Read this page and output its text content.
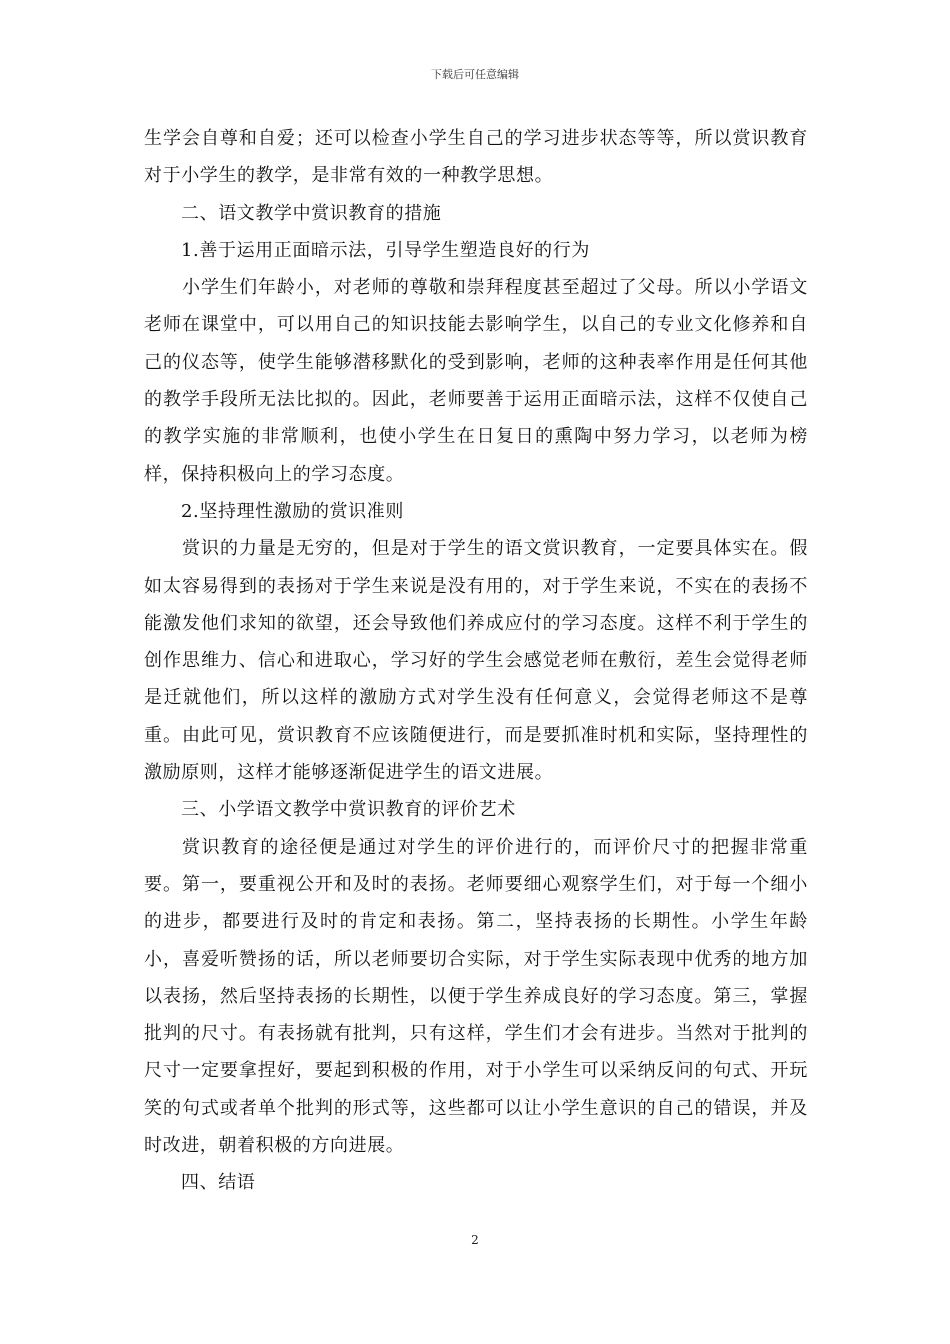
下载后可任意编辑

生学会自尊和自爱；还可以检查小学生自己的学习进步状态等等，所以赏识教育对于小学生的教学，是非常有效的一种教学思想。

二、语文教学中赏识教育的措施

1.善于运用正面暗示法，引导学生塑造良好的行为

小学生们年龄小，对老师的尊敬和崇拜程度甚至超过了父母。所以小学语文老师在课堂中，可以用自己的知识技能去影响学生，以自己的专业文化修养和自己的仪态等，使学生能够潜移默化的受到影响，老师的这种表率作用是任何其他的教学手段所无法比拟的。因此，老师要善于运用正面暗示法，这样不仅使自己的教学实施的非常顺利，也使小学生在日复日的熏陶中努力学习，以老师为榜样，保持积极向上的学习态度。

2.坚持理性激励的赏识准则

赏识的力量是无穷的，但是对于学生的语文赏识教育，一定要具体实在。假如太容易得到的表扬对于学生来说是没有用的，对于学生来说，不实在的表扬不能激发他们求知的欲望，还会导致他们养成应付的学习态度。这样不利于学生的创作思维力、信心和进取心，学习好的学生会感觉老师在敷衍，差生会觉得老师是迁就他们，所以这样的激励方式对学生没有任何意义，会觉得老师这不是尊重。由此可见，赏识教育不应该随便进行，而是要抓准时机和实际，坚持理性的激励原则，这样才能够逐渐促进学生的语文进展。

三、小学语文教学中赏识教育的评价艺术

赏识教育的途径便是通过对学生的评价进行的，而评价尺寸的把握非常重要。第一，要重视公开和及时的表扬。老师要细心观察学生们，对于每一个细小的进步，都要进行及时的肯定和表扬。第二，坚持表扬的长期性。小学生年龄小，喜爱听赞扬的话，所以老师要切合实际，对于学生实际表现中优秀的地方加以表扬，然后坚持表扬的长期性，以便于学生养成良好的学习态度。第三，掌握批判的尺寸。有表扬就有批判，只有这样，学生们才会有进步。当然对于批判的尺寸一定要拿捏好，要起到积极的作用，对于小学生可以采纳反问的句式、开玩笑的句式或者单个批判的形式等，这些都可以让小学生意识的自己的错误，并及时改进，朝着积极的方向进展。

四、结语

2
